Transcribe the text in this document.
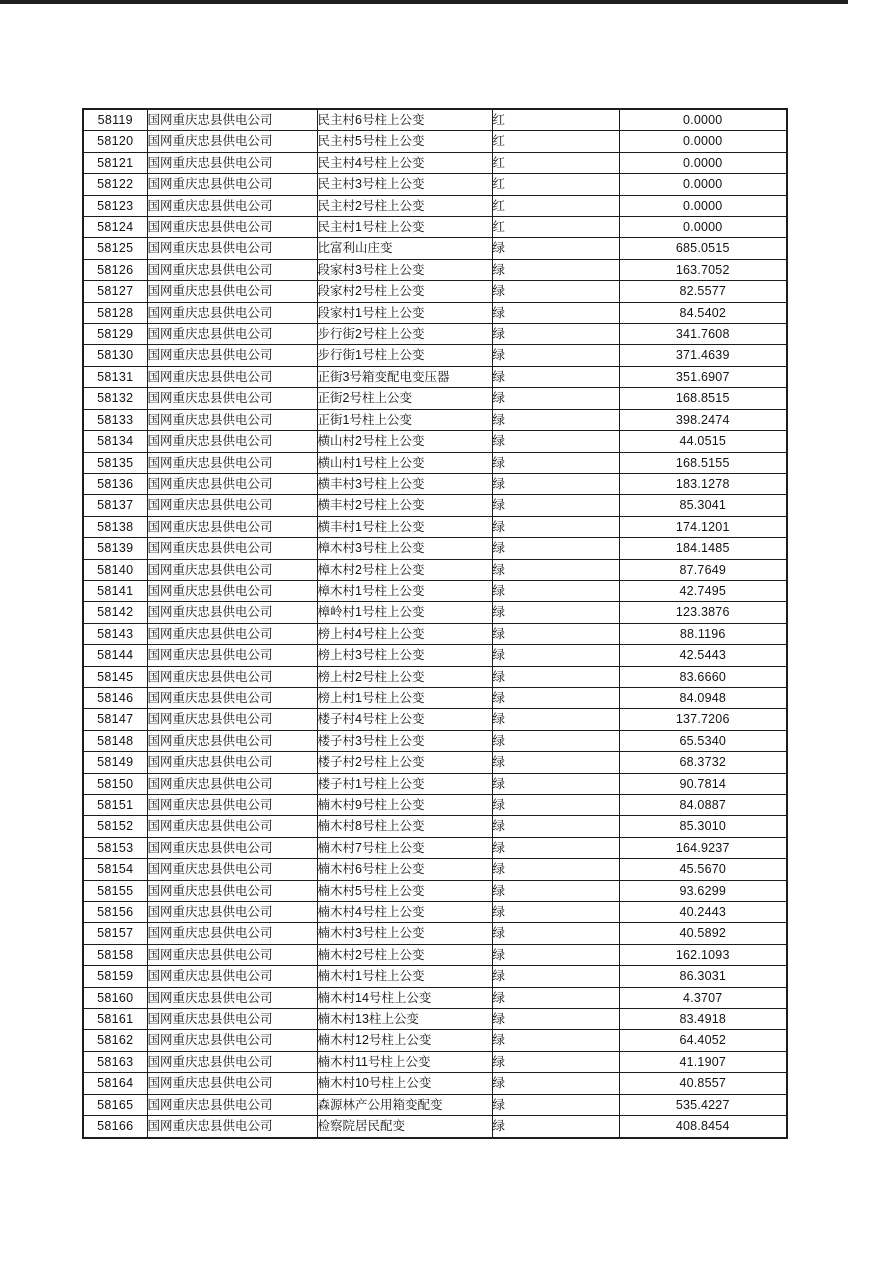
58119	国网重庆忠县供电公司	民主村6号柱上公变	红	0.0000
58120	国网重庆忠县供电公司	民主村5号柱上公变	红	0.0000
58121	国网重庆忠县供电公司	民主村4号柱上公变	红	0.0000
58122	国网重庆忠县供电公司	民主村3号柱上公变	红	0.0000
58123	国网重庆忠县供电公司	民主村2号柱上公变	红	0.0000
58124	国网重庆忠县供电公司	民主村1号柱上公变	红	0.0000
58125	国网重庆忠县供电公司	比富利山庄变	绿	685.0515
58126	国网重庆忠县供电公司	段家村3号柱上公变	绿	163.7052
58127	国网重庆忠县供电公司	段家村2号柱上公变	绿	82.5577
58128	国网重庆忠县供电公司	段家村1号柱上公变	绿	84.5402
58129	国网重庆忠县供电公司	步行街2号柱上公变	绿	341.7608
58130	国网重庆忠县供电公司	步行街1号柱上公变	绿	371.4639
58131	国网重庆忠县供电公司	正街3号箱变配电变压器	绿	351.6907
58132	国网重庆忠县供电公司	正街2号柱上公变	绿	168.8515
58133	国网重庆忠县供电公司	正街1号柱上公变	绿	398.2474
58134	国网重庆忠县供电公司	横山村2号柱上公变	绿	44.0515
58135	国网重庆忠县供电公司	横山村1号柱上公变	绿	168.5155
58136	国网重庆忠县供电公司	横丰村3号柱上公变	绿	183.1278
58137	国网重庆忠县供电公司	横丰村2号柱上公变	绿	85.3041
58138	国网重庆忠县供电公司	横丰村1号柱上公变	绿	174.1201
58139	国网重庆忠县供电公司	樟木村3号柱上公变	绿	184.1485
58140	国网重庆忠县供电公司	樟木村2号柱上公变	绿	87.7649
58141	国网重庆忠县供电公司	樟木村1号柱上公变	绿	42.7495
58142	国网重庆忠县供电公司	樟岭村1号柱上公变	绿	123.3876
58143	国网重庆忠县供电公司	榜上村4号柱上公变	绿	88.1196
58144	国网重庆忠县供电公司	榜上村3号柱上公变	绿	42.5443
58145	国网重庆忠县供电公司	榜上村2号柱上公变	绿	83.6660
58146	国网重庆忠县供电公司	榜上村1号柱上公变	绿	84.0948
58147	国网重庆忠县供电公司	楼子村4号柱上公变	绿	137.7206
58148	国网重庆忠县供电公司	楼子村3号柱上公变	绿	65.5340
58149	国网重庆忠县供电公司	楼子村2号柱上公变	绿	68.3732
58150	国网重庆忠县供电公司	楼子村1号柱上公变	绿	90.7814
58151	国网重庆忠县供电公司	楠木村9号柱上公变	绿	84.0887
58152	国网重庆忠县供电公司	楠木村8号柱上公变	绿	85.3010
58153	国网重庆忠县供电公司	楠木村7号柱上公变	绿	164.9237
58154	国网重庆忠县供电公司	楠木村6号柱上公变	绿	45.5670
58155	国网重庆忠县供电公司	楠木村5号柱上公变	绿	93.6299
58156	国网重庆忠县供电公司	楠木村4号柱上公变	绿	40.2443
58157	国网重庆忠县供电公司	楠木村3号柱上公变	绿	40.5892
58158	国网重庆忠县供电公司	楠木村2号柱上公变	绿	162.1093
58159	国网重庆忠县供电公司	楠木村1号柱上公变	绿	86.3031
58160	国网重庆忠县供电公司	楠木村14号柱上公变	绿	4.3707
58161	国网重庆忠县供电公司	楠木村13柱上公变	绿	83.4918
58162	国网重庆忠县供电公司	楠木村12号柱上公变	绿	64.4052
58163	国网重庆忠县供电公司	楠木村11号柱上公变	绿	41.1907
58164	国网重庆忠县供电公司	楠木村10号柱上公变	绿	40.8557
58165	国网重庆忠县供电公司	森源林产公用箱变配变	绿	535.4227
58166	国网重庆忠县供电公司	检察院居民配变	绿	408.8454
